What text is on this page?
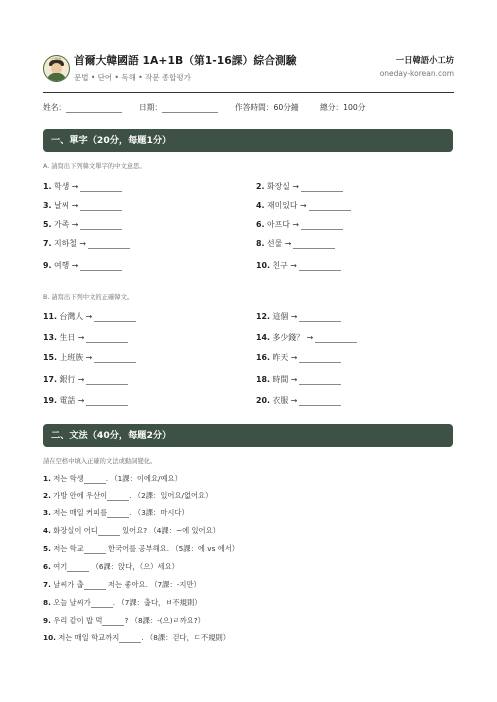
一日韓語 首爾大韓國語 1A+1B（第1-16課）綜合測驗
문법 • 단어 • 독해 • 작문 종합평가
一日韓語小工坊
oneday-korean.com
姓名：	日期：	作答時間：60分鐘	總分：100分
一、單字（20分，每題1分）
A. 請寫出下列韓文單字的中文意思。
B. 請寫出下列中文的正確韓文。
1. 학생 →	2. 화장실 →
3. 날씨 →	4. 재미있다 →
5. 가족 →	6. 아프다 →
7. 지하철 →	8. 선물 →
9. 여행 →	10. 친구 →
11. 台灣人 →	12. 這個 →
13. 生日 →	14. 多少錢？ →
15. 上班族 →	16. 昨天 →
17. 銀行 →	18. 時間 →
19. 電話 →	20. 衣服 →
二、文法（40分，每題2分）
請在空格中填入正確的文法或動詞變化。
1. 저는 학생	. （1課：이에요/예요）
2. 가방 안에 우산이	. （2課：있어요/없어요）
3. 저는 매일 커피를	. （3課：마시다）
4. 화장실이 어디	있어요? （4課：~에 있어요）
5. 저는 학교	한국어를 공부해요. （5課：에 vs 에서）
6. 여기	（6課：앉다，（으）세요）
7. 날씨가 춥	저는 좋아요. （7課：-지만）
8. 오늘 날씨가	. （7課：춥다，ㅂ不規則）
9. 우리 같이 밥 먹	? （8課：-(으)ㄹ까요?）
10. 저는 매일 학교까지	. （8課：걷다，ㄷ不規則）
